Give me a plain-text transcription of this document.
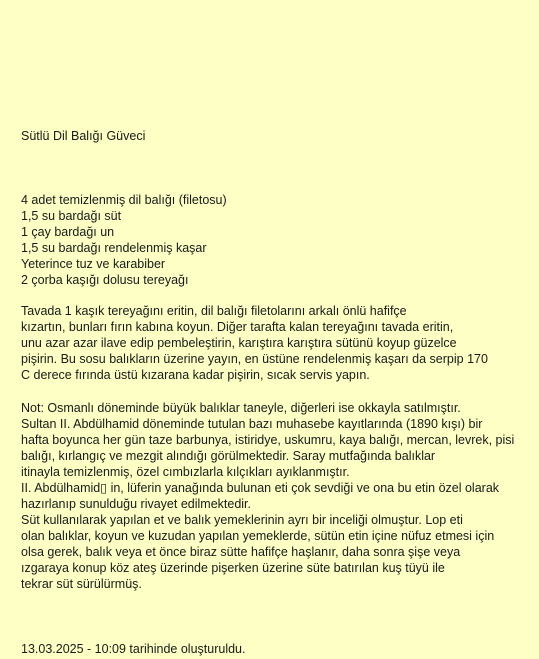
Sütlü Dil Balığı Güveci
4 adet temizlenmiş dil balığı (filetosu)
1,5 su bardağı süt
1 çay bardağı un
1,5 su bardağı rendelenmiş kaşar
Yeterince tuz ve karabiber
2 çorba kaşığı dolusu tereyağı
Tavada 1 kaşık tereyağını eritin, dil balığı filetolarını arkalı önlü hafifçe
kızartın, bunları fırın kabına koyun. Diğer tarafta kalan tereyağını tavada eritin,
unu azar azar ilave edip pembeleştirin, karıştıra karıştıra sütünü koyup güzelce
pişirin. Bu sosu balıkların üzerine yayın, en üstüne rendelenmiş kaşarı da serpip 170
C derece fırında üstü kızarana kadar pişirin, sıcak servis yapın.
Not: Osmanlı döneminde büyük balıklar taneyle, diğerleri ise okkayla satılmıştır.
Sultan II. Abdülhamid döneminde tutulan bazı muhasebe kayıtlarında (1890 kışı) bir
hafta boyunca her gün taze barbunya, istiridye, uskumru, kaya balığı, mercan, levrek, pisi
balığı, kırlangıç ve mezgit alındığı görülmektedir. Saray mutfağında balıklar
itinayla temizlenmiş, özel cımbızlarla kılçıkları ayıklanmıştır.
II. Abdülhamid▯ in, lüferin yanağında bulunan eti çok sevdiği ve ona bu etin özel olarak
hazırlanıp sunulduğu rivayet edilmektedir.
Süt kullanılarak yapılan et ve balık yemeklerinin ayrı bir inceliği olmuştur. Lop eti
olan balıklar, koyun ve kuzudan yapılan yemeklerde, sütün etin içine nüfuz etmesi için
olsa gerek, balık veya et önce biraz sütte hafifçe haşlanır, daha sonra şişe veya
ızgaraya konup köz ateş üzerinde pişerken üzerine süte batırılan kuş tüyü ile
tekrar süt sürülürmüş.
13.03.2025 - 10:09 tarihinde oluşturuldu.
